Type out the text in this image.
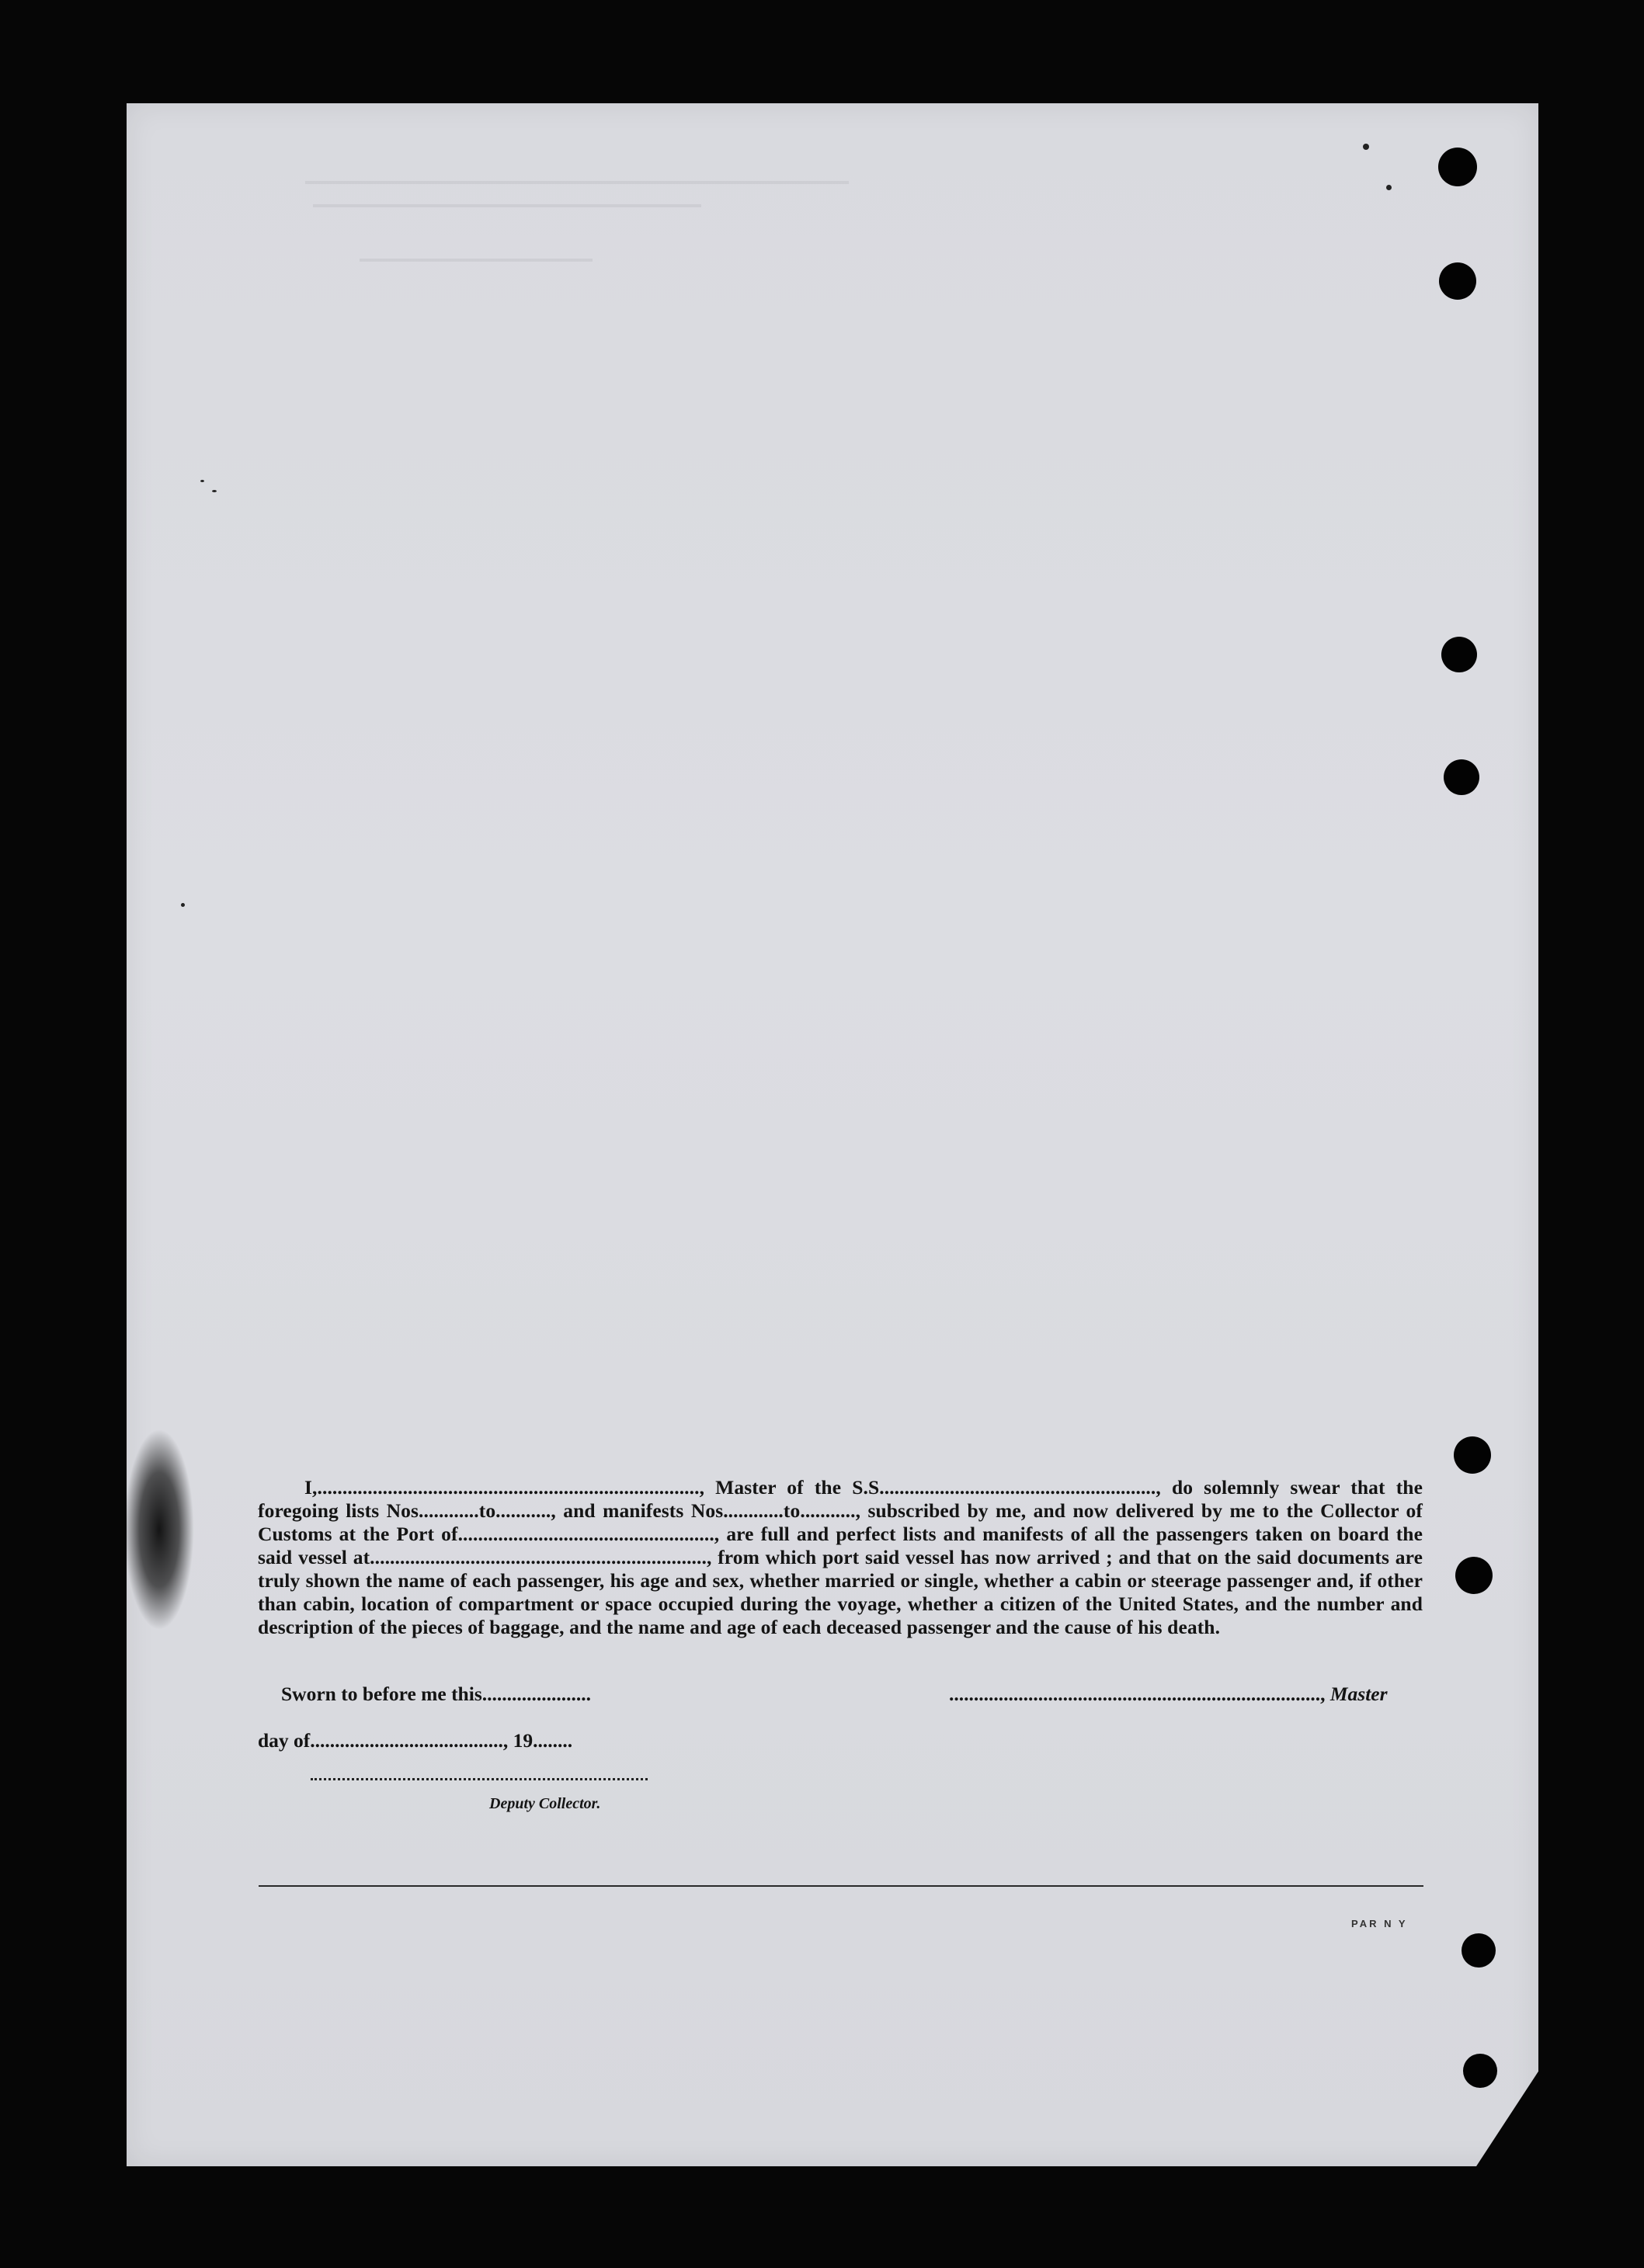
I,............................................................................, Master of the S.S......................................................., do solemnly swear that the foregoing lists Nos............to..........., and manifests Nos............to..........., subscribed by me, and now delivered by me to the Collector of Customs at the Port of..................................................., are full and perfect lists and manifests of all the passengers taken on board the said vessel at..................................................................., from which port said vessel has now arrived ; and that on the said documents are truly shown the name of each passenger, his age and sex, whether married or single, whether a cabin or steerage passenger and, if other than cabin, location of compartment or space occupied during the voyage, whether a citizen of the United States, and the number and description of the pieces of baggage, and the name and age of each deceased passenger and the cause of his death.

Sworn to before me this......................	..........................................................................., Master
day of......................................., 19........
Deputy Collector.
PAR N Y
